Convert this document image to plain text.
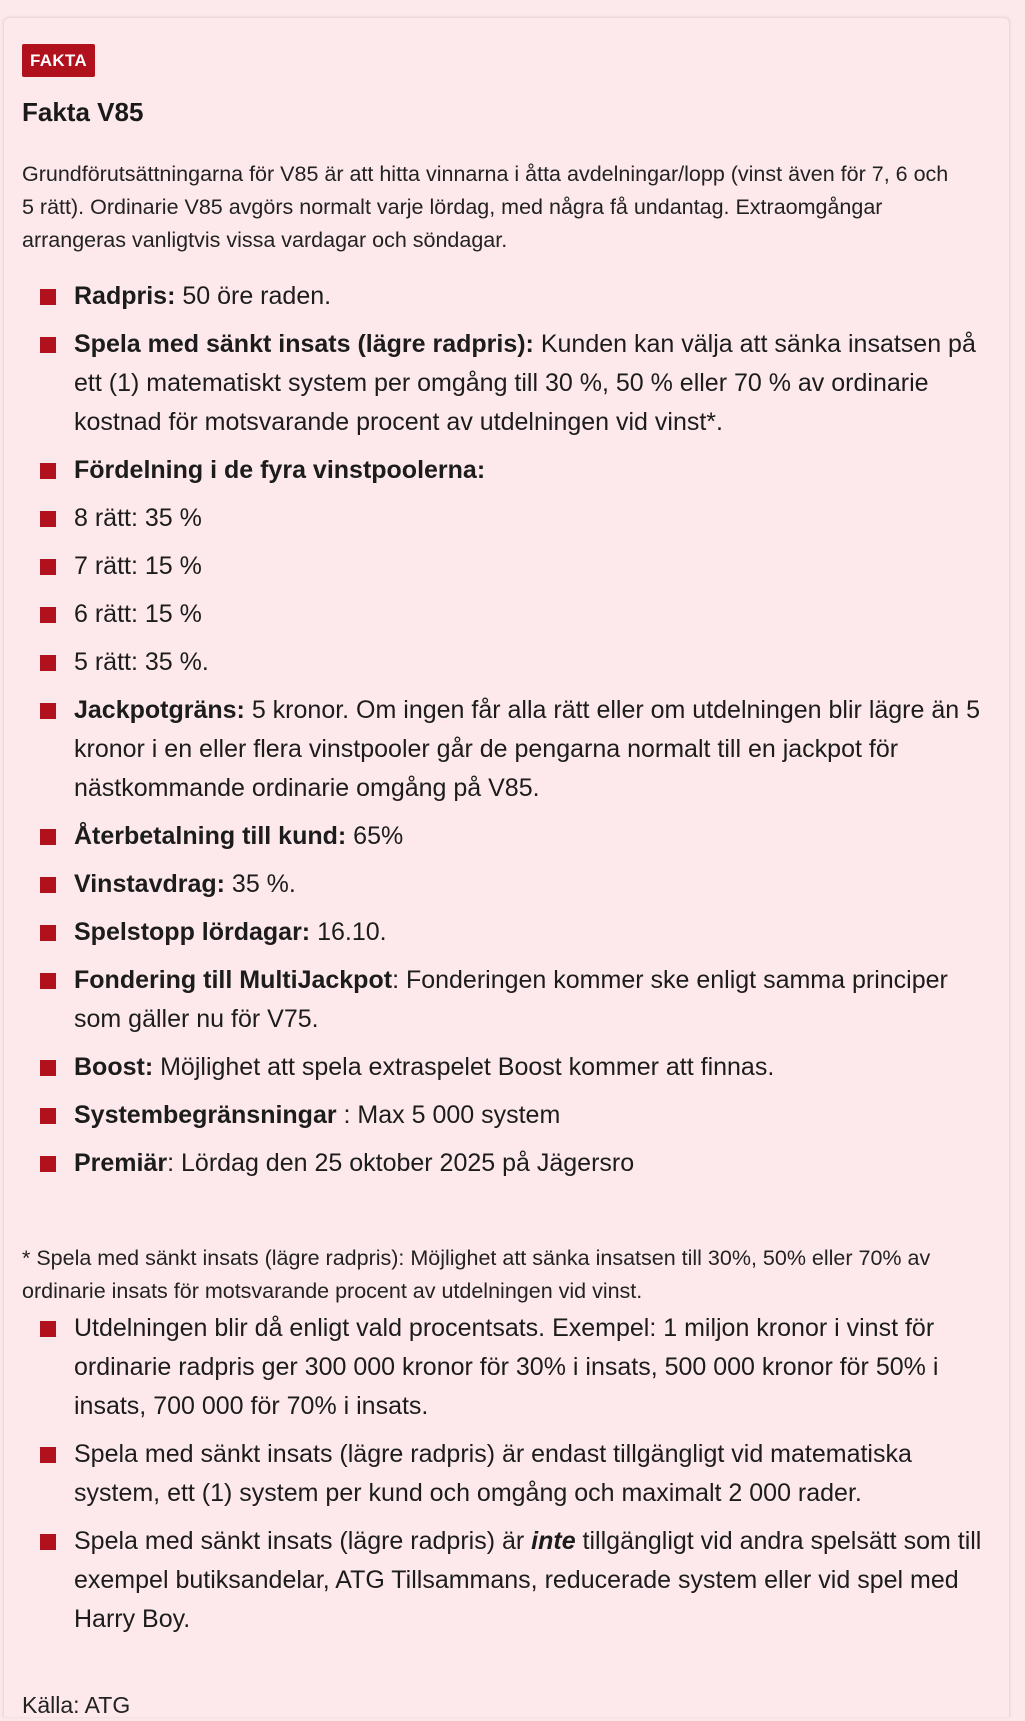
FAKTA
Fakta V85

Grundförutsättningarna för V85 är att hitta vinnarna i åtta avdelningar/lopp (vinst även för 7, 6 och 5 rätt). Ordinarie V85 avgörs normalt varje lördag, med några få undantag. Extraomgångar arrangeras vanligtvis vissa vardagar och söndagar.

Radpris: 50 öre raden.
Spela med sänkt insats (lägre radpris): Kunden kan välja att sänka insatsen på ett (1) matematiskt system per omgång till 30 %, 50 % eller 70 % av ordinarie kostnad för motsvarande procent av utdelningen vid vinst*.
Fördelning i de fyra vinstpoolerna:
8 rätt: 35 %
7 rätt: 15 %
6 rätt: 15 %
5 rätt: 35 %.
Jackpotgräns: 5 kronor. Om ingen får alla rätt eller om utdelningen blir lägre än 5 kronor i en eller flera vinstpooler går de pengarna normalt till en jackpot för nästkommande ordinarie omgång på V85.
Återbetalning till kund: 65%
Vinstavdrag: 35 %.
Spelstopp lördagar: 16.10.
Fondering till MultiJackpot: Fonderingen kommer ske enligt samma principer som gäller nu för V75.
Boost: Möjlighet att spela extraspelet Boost kommer att finnas.
Systembegränsningar : Max 5 000 system
Premiär: Lördag den 25 oktober 2025 på Jägersro

* Spela med sänkt insats (lägre radpris): Möjlighet att sänka insatsen till 30%, 50% eller 70% av ordinarie insats för motsvarande procent av utdelningen vid vinst.

Utdelningen blir då enligt vald procentsats. Exempel: 1 miljon kronor i vinst för ordinarie radpris ger 300 000 kronor för 30% i insats, 500 000 kronor för 50% i insats, 700 000 för 70% i insats.
Spela med sänkt insats (lägre radpris) är endast tillgängligt vid matematiska system, ett (1) system per kund och omgång och maximalt 2 000 rader.
Spela med sänkt insats (lägre radpris) är inte tillgängligt vid andra spelsätt som till exempel butiksandelar, ATG Tillsammans, reducerade system eller vid spel med Harry Boy.

Källa: ATG
